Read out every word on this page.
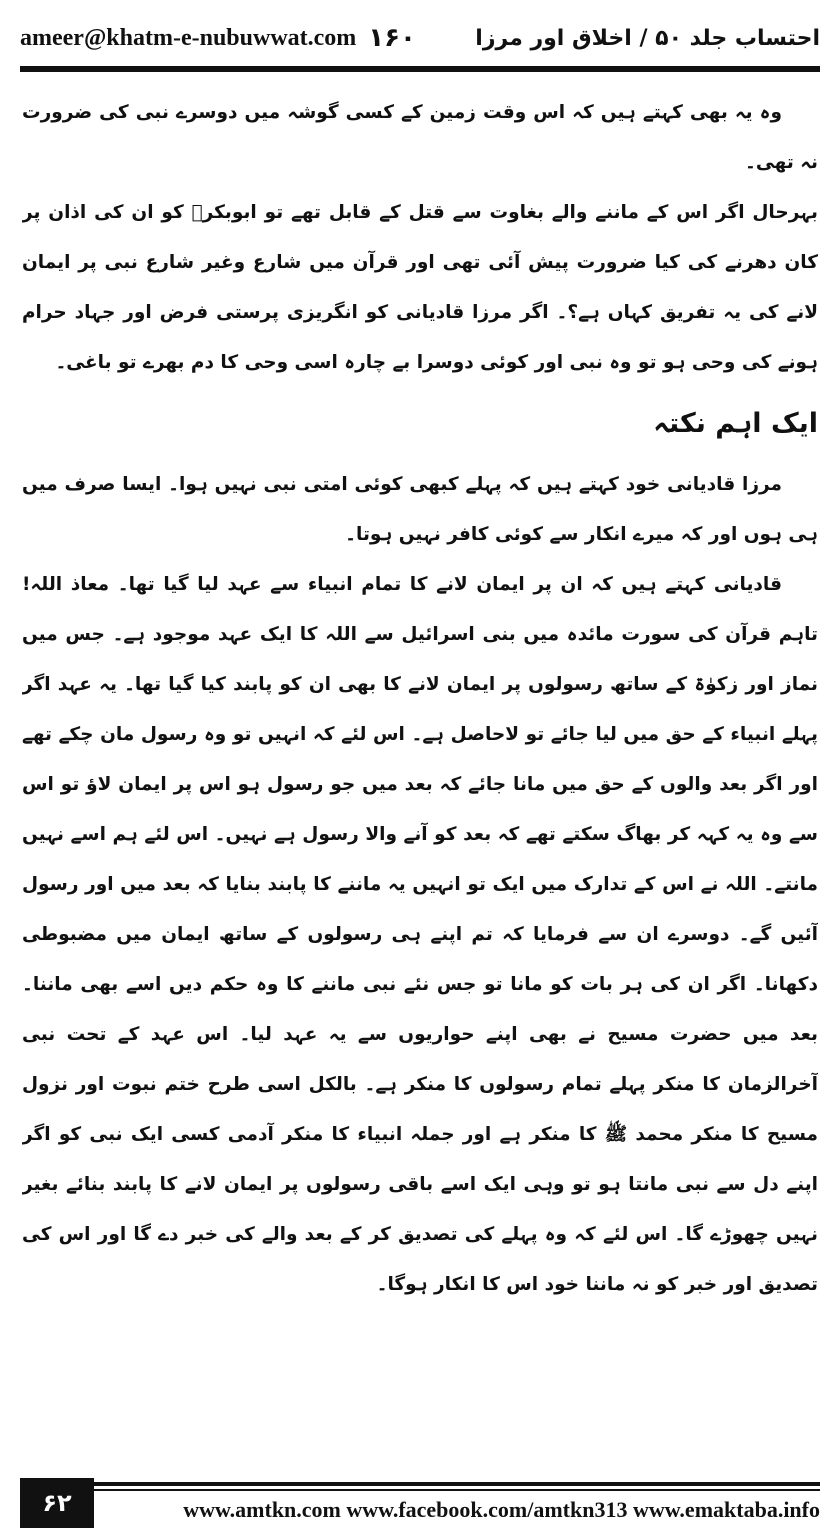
ameer@khatm-e-nubuwwat.com ۱۶۰	احتساب جلد ۵۰ / اخلاق اور مرزا

وہ یہ بھی کہتے ہیں کہ اس وقت زمین کے کسی گوشہ میں دوسرے نبی کی ضرورت نہ تھی۔

بہرحال اگر اس کے ماننے والے بغاوت سے قتل کے قابل تھے تو ابوبکرؓ کو ان کی اذان پر کان دھرنے کی کیا ضرورت پیش آئی تھی اور قرآن میں شارع وغیر شارع نبی پر ایمان لانے کی یہ تفریق کہاں ہے؟۔ اگر مرزا قادیانی کو انگریزی پرستی فرض اور جہاد حرام ہونے کی وحی ہو تو وہ نبی اور کوئی دوسرا بے چارہ اسی وحی کا دم بھرے تو باغی۔

ایک اہم نکتہ

مرزا قادیانی خود کہتے ہیں کہ پہلے کبھی کوئی امتی نبی نہیں ہوا۔ ایسا صرف میں ہی ہوں اور کہ میرے انکار سے کوئی کافر نہیں ہوتا۔

قادیانی کہتے ہیں کہ ان پر ایمان لانے کا تمام انبیاء سے عہد لیا گیا تھا۔ معاذ اللہ! تاہم قرآن کی سورت مائدہ میں بنی اسرائیل سے اللہ کا ایک عہد موجود ہے۔ جس میں نماز اور زکوٰۃ کے ساتھ رسولوں پر ایمان لانے کا بھی ان کو پابند کیا گیا تھا۔ یہ عہد اگر پہلے انبیاء کے حق میں لیا جائے تو لاحاصل ہے۔ اس لئے کہ انہیں تو وہ رسول مان چکے تھے اور اگر بعد والوں کے حق میں مانا جائے کہ بعد میں جو رسول ہو اس پر ایمان لاؤ تو اس سے وہ یہ کہہ کر بھاگ سکتے تھے کہ بعد کو آنے والا رسول ہے نہیں۔ اس لئے ہم اسے نہیں مانتے۔ اللہ نے اس کے تدارک میں ایک تو انہیں یہ ماننے کا پابند بنایا کہ بعد میں اور رسول آئیں گے۔ دوسرے ان سے فرمایا کہ تم اپنے ہی رسولوں کے ساتھ ایمان میں مضبوطی دکھانا۔ اگر ان کی ہر بات کو مانا تو جس نئے نبی ماننے کا وہ حکم دیں اسے بھی ماننا۔ بعد میں حضرت مسیح نے بھی اپنے حواریوں سے یہ عہد لیا۔ اس عہد کے تحت نبی آخرالزمان کا منکر پہلے تمام رسولوں کا منکر ہے۔ بالکل اسی طرح ختم نبوت اور نزول مسیح کا منکر محمد ﷺ کا منکر ہے اور جملہ انبیاء کا منکر آدمی کسی ایک نبی کو اگر اپنے دل سے نبی مانتا ہو تو وہی ایک اسے باقی رسولوں پر ایمان لانے کا پابند بنائے بغیر نہیں چھوڑے گا۔ اس لئے کہ وہ پہلے کی تصدیق کر کے بعد والے کی خبر دے گا اور اس کی تصدیق اور خبر کو نہ ماننا خود اس کا انکار ہوگا۔

۶۲	www.amtkn.com www.facebook.com/amtkn313 www.emaktaba.info
